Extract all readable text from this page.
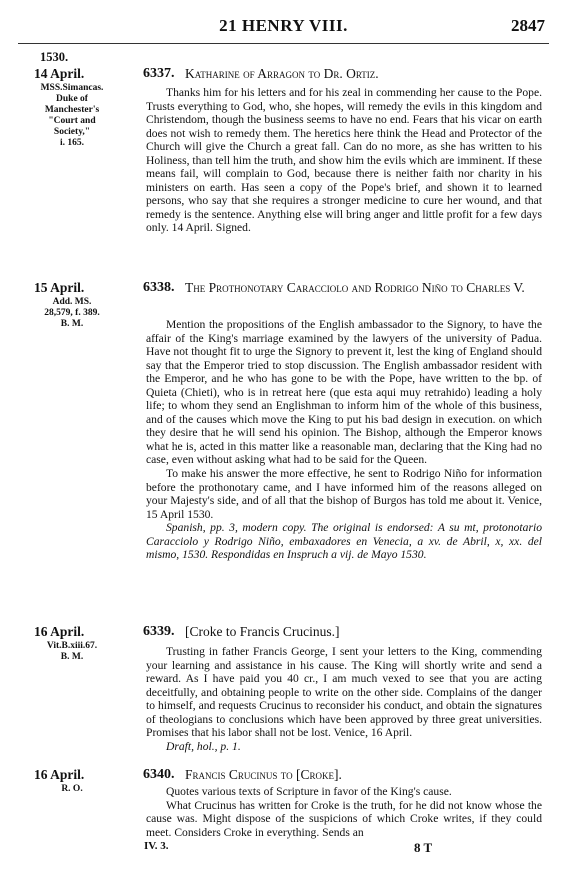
21 HENRY VIII.	2847
1530.
14 April.
MSS.Simancas.
Duke of
Manchester's
"Court and
Society,"
i. 165.
6337. Katharine of Arragon to Dr. Ortiz.

Thanks him for his letters and for his zeal in commending her cause to the Pope. Trusts everything to God, who, she hopes, will remedy the evils in this kingdom and Christendom, though the business seems to have no end. Fears that his vicar on earth does not wish to remedy them. The heretics here think the Head and Protector of the Church will give the Church a great fall. Can do no more, as she has written to his Holiness, than tell him the truth, and show him the evils which are imminent. If these means fail, will complain to God, because there is neither faith nor charity in his ministers on earth. Has seen a copy of the Pope's brief, and shown it to learned persons, who say that she requires a stronger medicine to cure her wound, and that remedy is the sentence. Anything else will bring anger and little profit for a few days only. 14 April. Signed.

15 April.
Add. MS.
28,579, f. 389.
B. M.
6338. The Prothonotary Caracciolo and Rodrigo Niño to Charles V.

Mention the propositions of the English ambassador to the Signory, to have the affair of the King's marriage examined by the lawyers of the university of Padua. Have not thought fit to urge the Signory to prevent it, lest the king of England should say that the Emperor tried to stop discussion. The English ambassador resident with the Emperor, and he who has gone to be with the Pope, have written to the bp. of Quieta (Chieti), who is in retreat here (que esta aqui muy retrahido) leading a holy life; to whom they send an Englishman to inform him of the whole of this business, and of the causes which move the King to put his bad design in execution. on which they desire that he will send his opinion. The Bishop, although the Emperor knows what he is, acted in this matter like a reasonable man, declaring that the King had no case, even without asking what had to be said for the Queen.

To make his answer the more effective, he sent to Rodrigo Niño for information before the prothonotary came, and I have informed him of the reasons alleged on your Majesty's side, and of all that the bishop of Burgos has told me about it. Venice, 15 April 1530.

Spanish, pp. 3, modern copy. The original is endorsed: A su mt, protonotario Caracciolo y Rodrigo Niño, embaxadores en Venecia, a xv. de Abril, x, xx. del mismo, 1530. Respondidas en Inspruch a vij. de Mayo 1530.

16 April.
Vit.B.xiii.67.
B. M.
6339. [Croke to Francis Crucinus.]

Trusting in father Francis George, I sent your letters to the King, commending your learning and assistance in his cause. The King will shortly write and send a reward. As I have paid you 40 cr., I am much vexed to see that you are acting deceitfully, and obtaining people to write on the other side. Complains of the danger to himself, and requests Crucinus to reconsider his conduct, and obtain the signatures of theologians to conclusions which have been approved by three great universities. Promises that his labor shall not be lost. Venice, 16 April.

Draft, hol., p. 1.

16 April.
R. O.
6340. Francis Crucinus to [Croke].

Quotes various texts of Scripture in favor of the King's cause.

What Crucinus has written for Croke is the truth, for he did not know whose the cause was. Might dispose of the suspicions of which Croke writes, if they could meet. Considers Croke in everything. Sends an

IV. 3.	8 T
